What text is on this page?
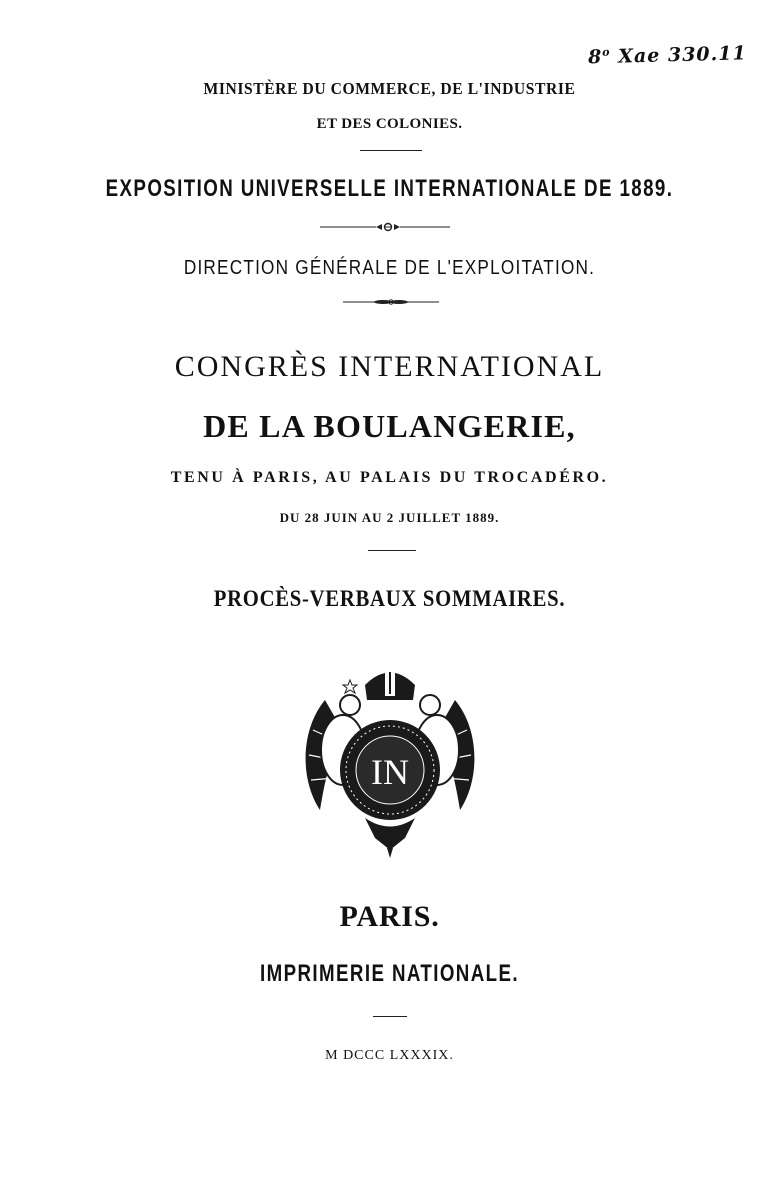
8$^o$ Xae 330.11
MINISTÈRE DU COMMERCE, DE L'INDUSTRIE
ET DES COLONIES.
EXPOSITION UNIVERSELLE INTERNATIONALE DE 1889.
DIRECTION GÉNÉRALE DE L'EXPLOITATION.
CONGRÈS INTERNATIONAL
DE LA BOULANGERIE,
TENU À PARIS, AU PALAIS DU TROCADÉRO.
DU 28 JUIN AU 2 JUILLET 1889.
PROCÈS-VERBAUX SOMMAIRES.
IN
PARIS.
IMPRIMERIE NATIONALE.
M DCCC LXXXIX.
